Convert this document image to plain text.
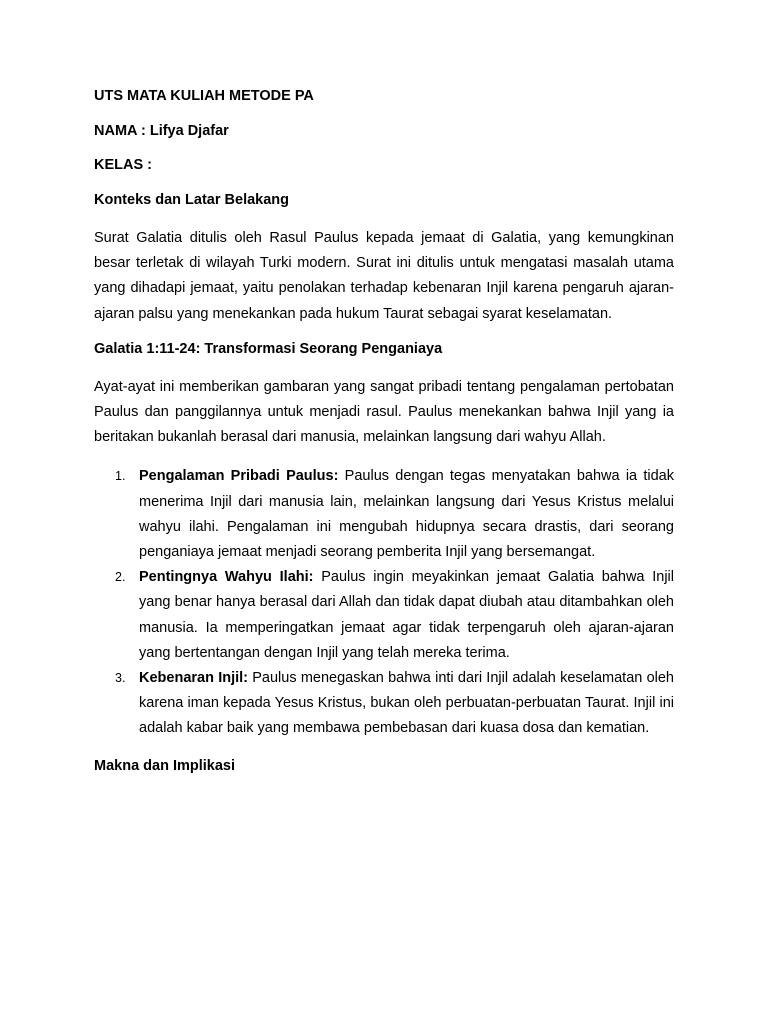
UTS MATA KULIAH METODE PA

NAMA : Lifya Djafar

KELAS :

Konteks dan Latar Belakang

Surat Galatia ditulis oleh Rasul Paulus kepada jemaat di Galatia, yang kemungkinan besar terletak di wilayah Turki modern. Surat ini ditulis untuk mengatasi masalah utama yang dihadapi jemaat, yaitu penolakan terhadap kebenaran Injil karena pengaruh ajaran-ajaran palsu yang menekankan pada hukum Taurat sebagai syarat keselamatan.

Galatia 1:11-24: Transformasi Seorang Penganiaya

Ayat-ayat ini memberikan gambaran yang sangat pribadi tentang pengalaman pertobatan Paulus dan panggilannya untuk menjadi rasul. Paulus menekankan bahwa Injil yang ia beritakan bukanlah berasal dari manusia, melainkan langsung dari wahyu Allah.

1. Pengalaman Pribadi Paulus: Paulus dengan tegas menyatakan bahwa ia tidak menerima Injil dari manusia lain, melainkan langsung dari Yesus Kristus melalui wahyu ilahi. Pengalaman ini mengubah hidupnya secara drastis, dari seorang penganiaya jemaat menjadi seorang pemberita Injil yang bersemangat.
2. Pentingnya Wahyu Ilahi: Paulus ingin meyakinkan jemaat Galatia bahwa Injil yang benar hanya berasal dari Allah dan tidak dapat diubah atau ditambahkan oleh manusia. Ia memperingatkan jemaat agar tidak terpengaruh oleh ajaran-ajaran yang bertentangan dengan Injil yang telah mereka terima.
3. Kebenaran Injil: Paulus menegaskan bahwa inti dari Injil adalah keselamatan oleh karena iman kepada Yesus Kristus, bukan oleh perbuatan-perbuatan Taurat. Injil ini adalah kabar baik yang membawa pembebasan dari kuasa dosa dan kematian.
Makna dan Implikasi
